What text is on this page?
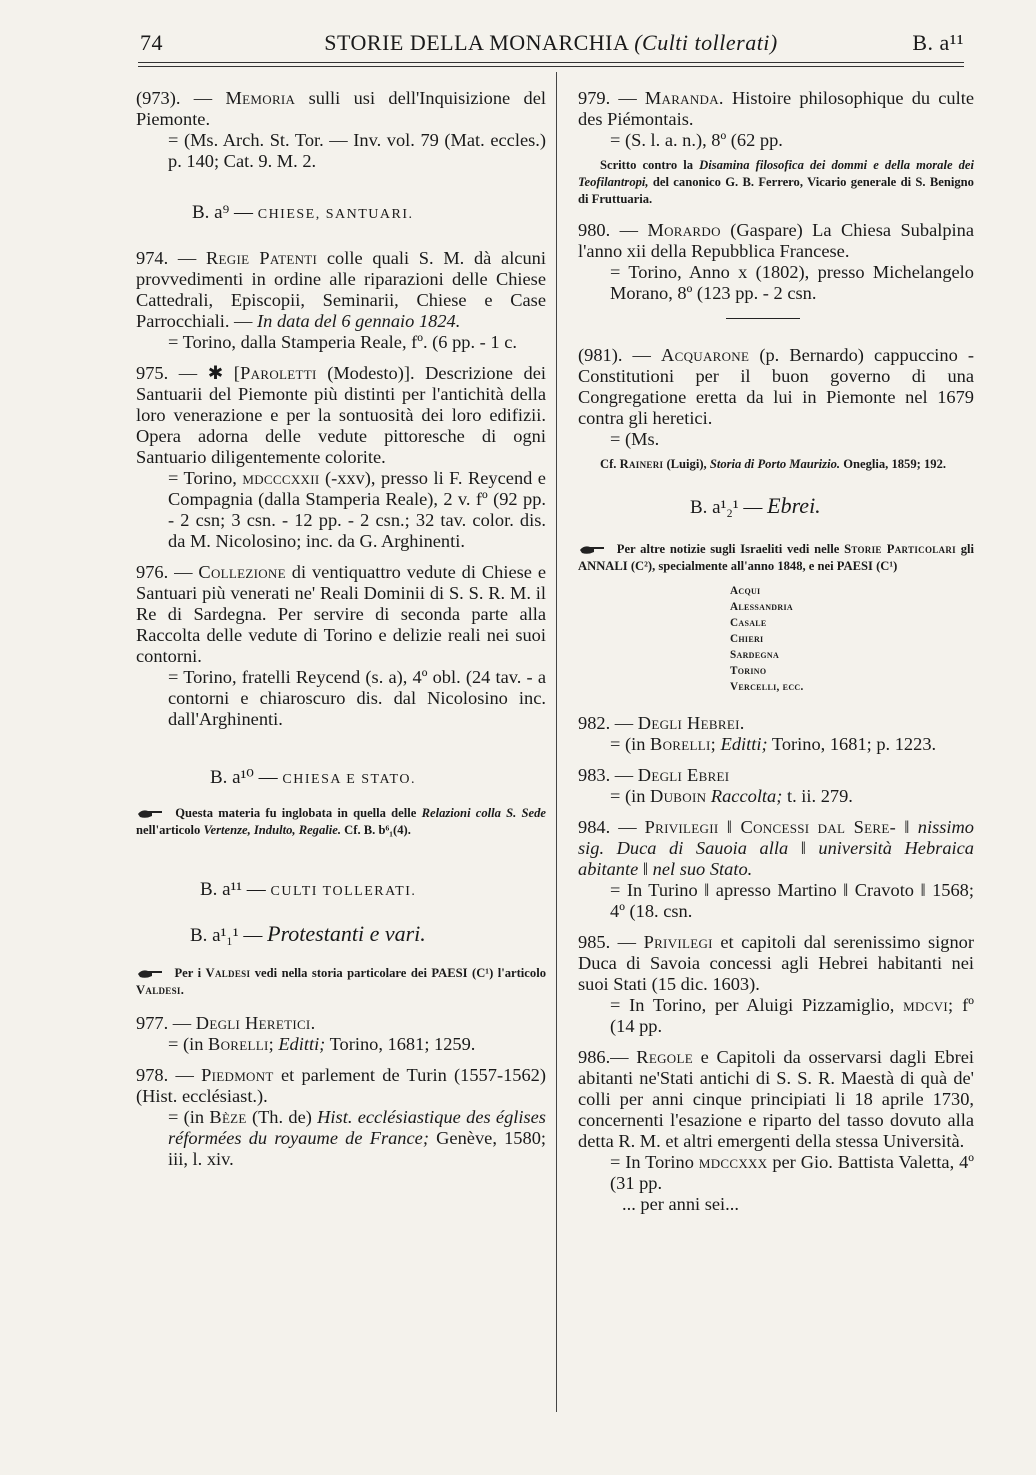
74	STORIE DELLA MONARCHIA (Culti tollerati)	B. a¹¹

(973). — Memoria sulli usi dell'Inquisizione del Piemonte.

= (Ms. Arch. St. Tor. — Inv. vol. 79 (Mat. eccles.) p. 140; Cat. 9. M. 2.

B. a⁹ — CHIESE, SANTUARI.

974. — Regie Patenti colle quali S. M. dà alcuni provvedimenti in ordine alle riparazioni delle Chiese Cattedrali, Episcopii, Seminarii, Chiese e Case Parrocchiali. — In data del 6 gennaio 1824.

= Torino, dalla Stamperia Reale, fº. (6 pp. - 1 c.

975. — ✱ [Paroletti (Modesto)]. Descrizione dei Santuarii del Piemonte più distinti per l'antichità della loro venerazione e per la sontuosità dei loro edifizii. Opera adorna delle vedute pittoresche di ogni Santuario diligentemente colorite.

= Torino, mdcccxxii (-xxv), presso li F. Reycend e Compagnia (dalla Stamperia Reale), 2 v. fº (92 pp. - 2 csn; 3 csn. - 12 pp. - 2 csn.; 32 tav. color. dis. da M. Nicolosino; inc. da G. Arghinenti.

976. — Collezione di ventiquattro vedute di Chiese e Santuari più venerati ne' Reali Dominii di S. S. R. M. il Re di Sardegna. Per servire di seconda parte alla Raccolta delle vedute di Torino e delizie reali nei suoi contorni.

= Torino, fratelli Reycend (s. a), 4º obl. (24 tav. - a contorni e chiaroscuro dis. dal Nicolosino inc. dall'Arghinenti.

B. a¹⁰ — CHIESA E STATO.
Questa materia fu inglobata in quella delle Relazioni colla S. Sede nell'articolo Vertenze, Indulto, Regalie. Cf. B. b⁶₁(4).
B. a¹¹ — CULTI TOLLERATI.
B. a¹₁¹ — Protestanti e vari.
Per i Valdesi vedi nella storia particolare dei PAESI (C¹) l'articolo Valdesi.

977. — Degli Heretici.

= (in Borelli; Editti; Torino, 1681; 1259.

978. — Piedmont et parlement de Turin (1557-1562) (Hist. ecclésiast.).

= (in Bèze (Th. de) Hist. ecclésiastique des églises réformées du royaume de France; Genève, 1580; iii, l. xiv.

979. — Maranda. Histoire philosophique du culte des Piémontais.

= (S. l. a. n.), 8º (62 pp.

Scritto contro la Disamina filosofica dei dommi e della morale dei Teofilantropi, del canonico G. B. Ferrero, Vicario generale di S. Benigno di Fruttuaria.

980. — Morardo (Gaspare) La Chiesa Subalpina l'anno xii della Repubblica Francese.

= Torino, Anno x (1802), presso Michelangelo Morano, 8º (123 pp. - 2 csn.

(981). — Acquarone (p. Bernardo) cappuccino - Constitutioni per il buon governo di una Congregatione eretta da lui in Piemonte nel 1679 contra gli heretici.

= (Ms.

Cf. Raineri (Luigi), Storia di Porto Maurizio. Oneglia, 1859; 192.
B. a¹₂¹ — Ebrei.
Per altre notizie sugli Israeliti vedi nelle Storie Particolari gli ANNALI (C²), specialmente all'anno 1848, e nei PAESI (C¹)
Acqui
Alessandria
Casale
Chieri
Sardegna
Torino
Vercelli, ecc.

982. — Degli Hebrei.

= (in Borelli; Editti; Torino, 1681; p. 1223.

983. — Degli Ebrei

= (in Duboin Raccolta; t. ii. 279.

984. — Privilegii ‖ Concessi dal Sere- ‖ nissimo sig. Duca di Sauoia alla ‖ università Hebraica abitante ‖ nel suo Stato.

= In Turino ‖ apresso Martino ‖ Cravoto ‖ 1568; 4º (18. csn.

985. — Privilegi et capitoli dal serenissimo signor Duca di Savoia concessi agli Hebrei habitanti nei suoi Stati (15 dic. 1603).

= In Torino, per Aluigi Pizzamiglio, mdcvi; fº (14 pp.

986.— Regole e Capitoli da osservarsi dagli Ebrei abitanti ne'Stati antichi di S. S. R. Maestà di quà de' colli per anni cinque principiati li 18 aprile 1730, concernenti l'esazione e riparto del tasso dovuto alla detta R. M. et altri emergenti della stessa Università.

= In Torino mdccxxx per Gio. Battista Valetta, 4º (31 pp.

... per anni sei...
